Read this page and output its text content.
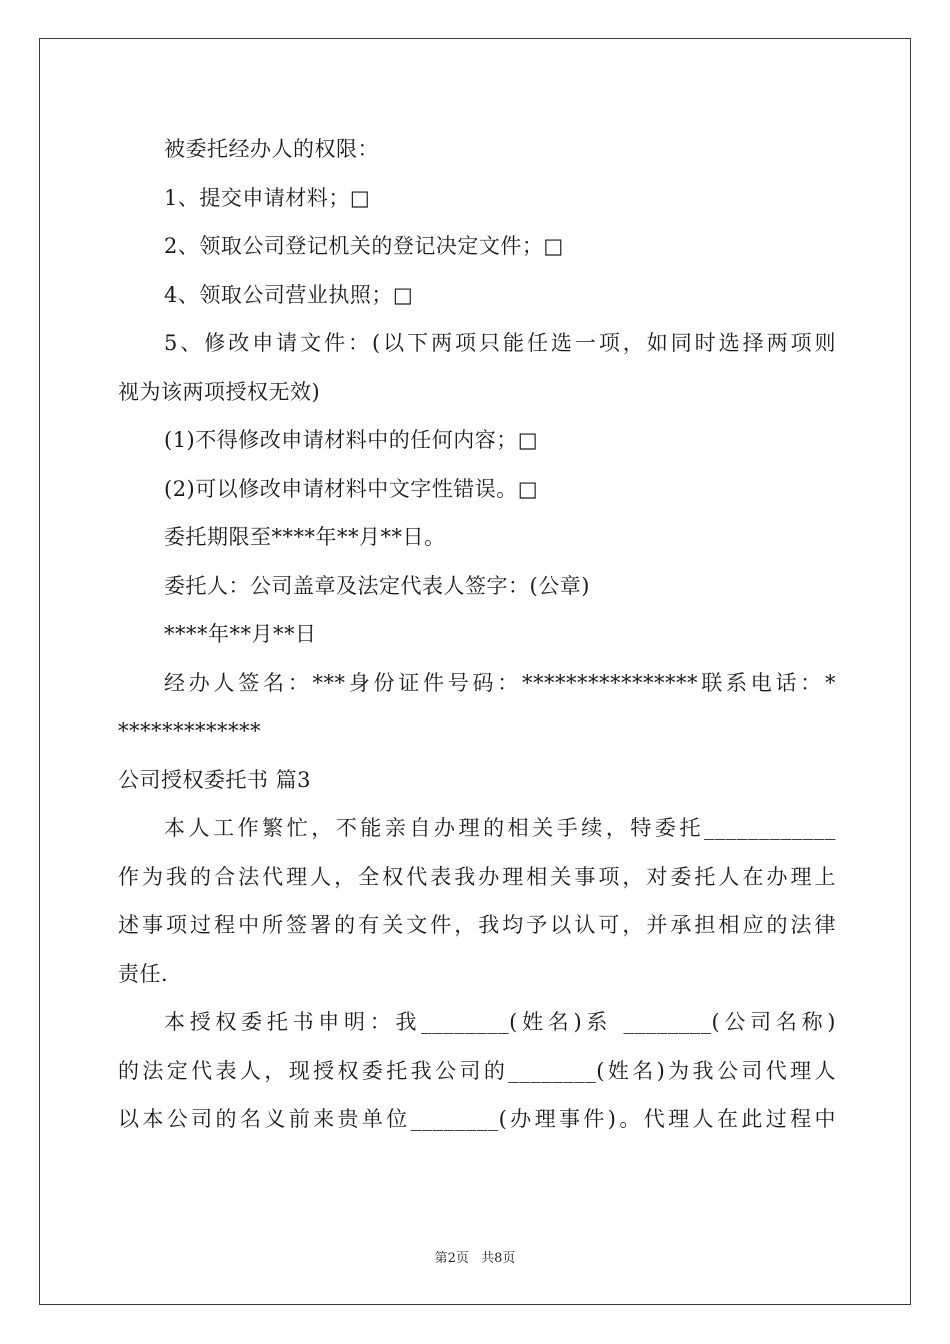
被委托经办人的权限：
1、提交申请材料；□
2、领取公司登记机关的登记决定文件；□
4、领取公司营业执照；□
5、修改申请文件：(以下两项只能任选一项，如同时选择两项则
视为该两项授权无效)
(1)不得修改申请材料中的任何内容；□
(2)可以修改申请材料中文字性错误。□
委托期限至****年**月**日。
委托人：公司盖章及法定代表人签字：(公章)
****年**月**日
经办人签名：***身份证件号码：****************联系电话：*
*************
公司授权委托书 篇3
本人工作繁忙，不能亲自办理的相关手续，特委托____________
作为我的合法代理人，全权代表我办理相关事项，对委托人在办理上
述事项过程中所签署的有关文件，我均予以认可，并承担相应的法律
责任.
本授权委托书申明：我________(姓名)系 ________(公司名称)
的法定代表人，现授权委托我公司的________(姓名)为我公司代理人
以本公司的名义前来贵单位________(办理事件)。代理人在此过程中
第2页 共8页
